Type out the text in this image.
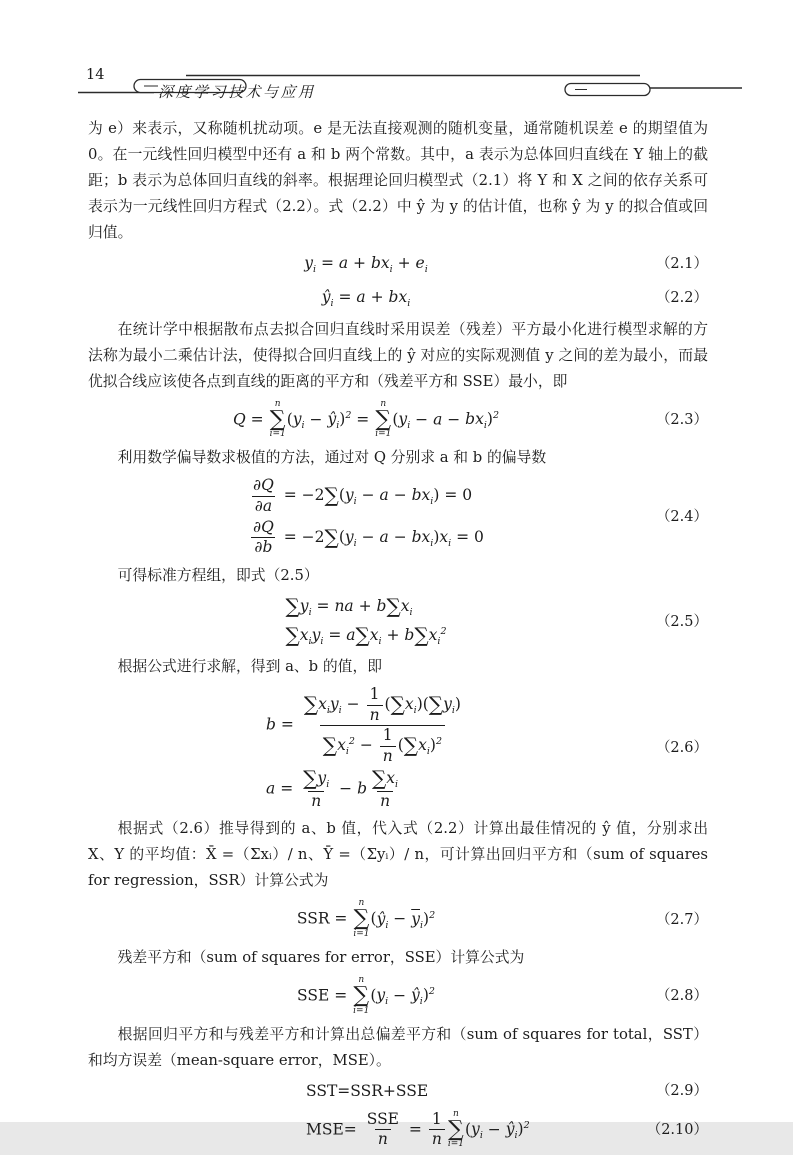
14
深度学习技术与应用

为 e）来表示，又称随机扰动项。e 是无法直接观测的随机变量，通常随机误差 e 的期望值为 0。在一元线性回归模型中还有 a 和 b 两个常数。其中，a 表示为总体回归直线在 Y 轴上的截距；b 表示为总体回归直线的斜率。根据理论回归模型式（2.1）将 Y 和 X 之间的依存关系可表示为一元线性回归方程式（2.2）。式（2.2）中 ŷ 为 y 的估计值，也称 ŷ 为 y 的拟合值或回归值。

$y_i = a + bx_i + e_i$	（2.1）
$ŷ_i = a + bx_i$	（2.2）

在统计学中根据散布点去拟合回归直线时采用误差（残差）平方最小化进行模型求解的方法称为最小二乘估计法，使得拟合回归直线上的 ŷ 对应的实际观测值 y 之间的差为最小，而最优拟合线应该使各点到直线的距离的平方和（残差平方和 SSE）最小，即

Q =
n
∑
i=1
($y_i$ − $ŷ_i)^2$ =
n
∑
i=1
$(y_i - a - bx_i)^2$	（2.3）

利用数学偏导数求极值的方法，通过对 Q 分别求 a 和 b 的偏导数

$\frac{\partial Q}{\partial a} = -2\sum(y_i - a - bx_i) = 0$
$\frac{\partial Q}{\partial b} = -2\sum(y_i - a - bx_i)x_i = 0$
（2.4）

可得标准方程组，即式（2.5）

$\sum y_i$ = na + $b\sum x_i$
$\sum x_iy_i = a\sum x_i + b\sum x_i^2$
（2.5）

根据公式进行求解，得到 a、b 的值，即

$b = \frac{\sum x_iy_i - \frac{1}{n} (\sum x_i)(\sum y_i)}{\sum x_i^2 - \frac{1}{n} (\sum x_i)^2}$
$a = \frac{\sum y_i}{n} - b \frac{\sum x_i}{n}$
（2.6）

根据式（2.6）推导得到的 a、b 值，代入式（2.2）计算出最佳情况的 ŷ 值，分别求出 X、Y 的平均值：X̄ =（Σxᵢ）/ n、Ȳ =（Σyᵢ）/ n，可计算出回归平方和（sum of squares for regression，SSR）计算公式为

SSR =
n
∑
i=1
$(ŷ_i - \overline{y}_i)^2$	（2.7）

残差平方和（sum of squares for error，SSE）计算公式为

SSE =
n
∑
i=1
($y_i$ − $ŷ_i)^2$	（2.8）

根据回归平方和与残差平方和计算出总偏差平方和（sum of squares for total，SST）和均方误差（mean-square error，MSE）。

SST=SSR+SSE	（2.9）
$MSE= \frac{\text{SSE}}{n} = \frac{1}{n}$ n
∑
i=1
($y_i$ − $ŷ_i)^2$	（2.10）
